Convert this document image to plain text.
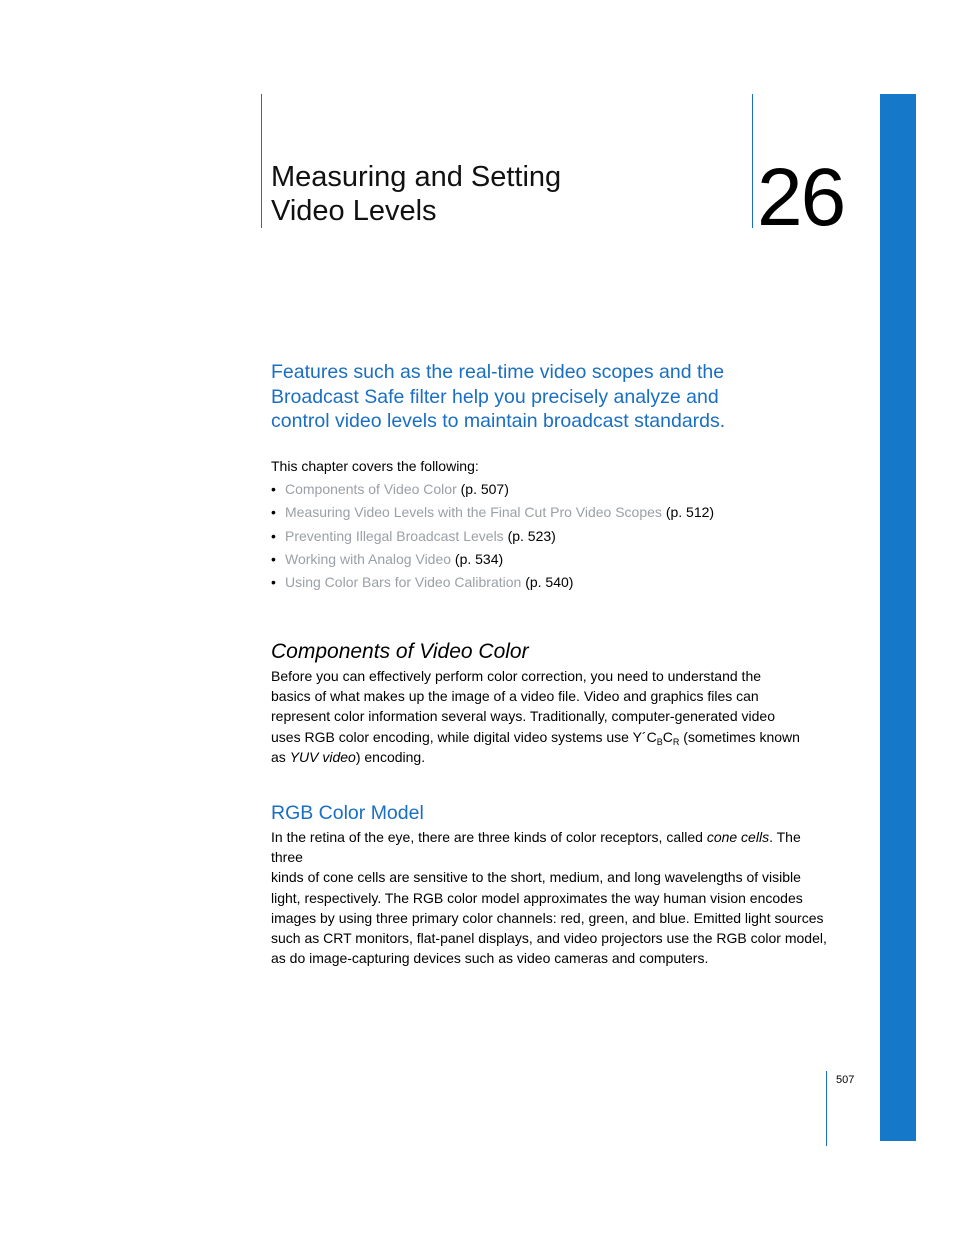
Measuring and Setting
Video Levels	26

Features such as the real-time video scopes and the
Broadcast Safe filter help you precisely analyze and
control video levels to maintain broadcast standards.

This chapter covers the following:

• Components of Video Color (p. 507)
• Measuring Video Levels with the Final Cut Pro Video Scopes (p. 512)
• Preventing Illegal Broadcast Levels (p. 523)
• Working with Analog Video (p. 534)
• Using Color Bars for Video Calibration (p. 540)
Components of Video Color

Before you can effectively perform color correction, you need to understand the
basics of what makes up the image of a video file. Video and graphics files can
represent color information several ways. Traditionally, computer-generated video
uses RGB color encoding, while digital video systems use $Y´C_BC_R$ (sometimes known
as YUV video) encoding.

RGB Color Model

In the retina of the eye, there are three kinds of color receptors, called cone cells. The three
kinds of cone cells are sensitive to the short, medium, and long wavelengths of visible
light, respectively. The RGB color model approximates the way human vision encodes
images by using three primary color channels: red, green, and blue. Emitted light sources
such as CRT monitors, flat-panel displays, and video projectors use the RGB color model,
as do image-capturing devices such as video cameras and computers.

507
